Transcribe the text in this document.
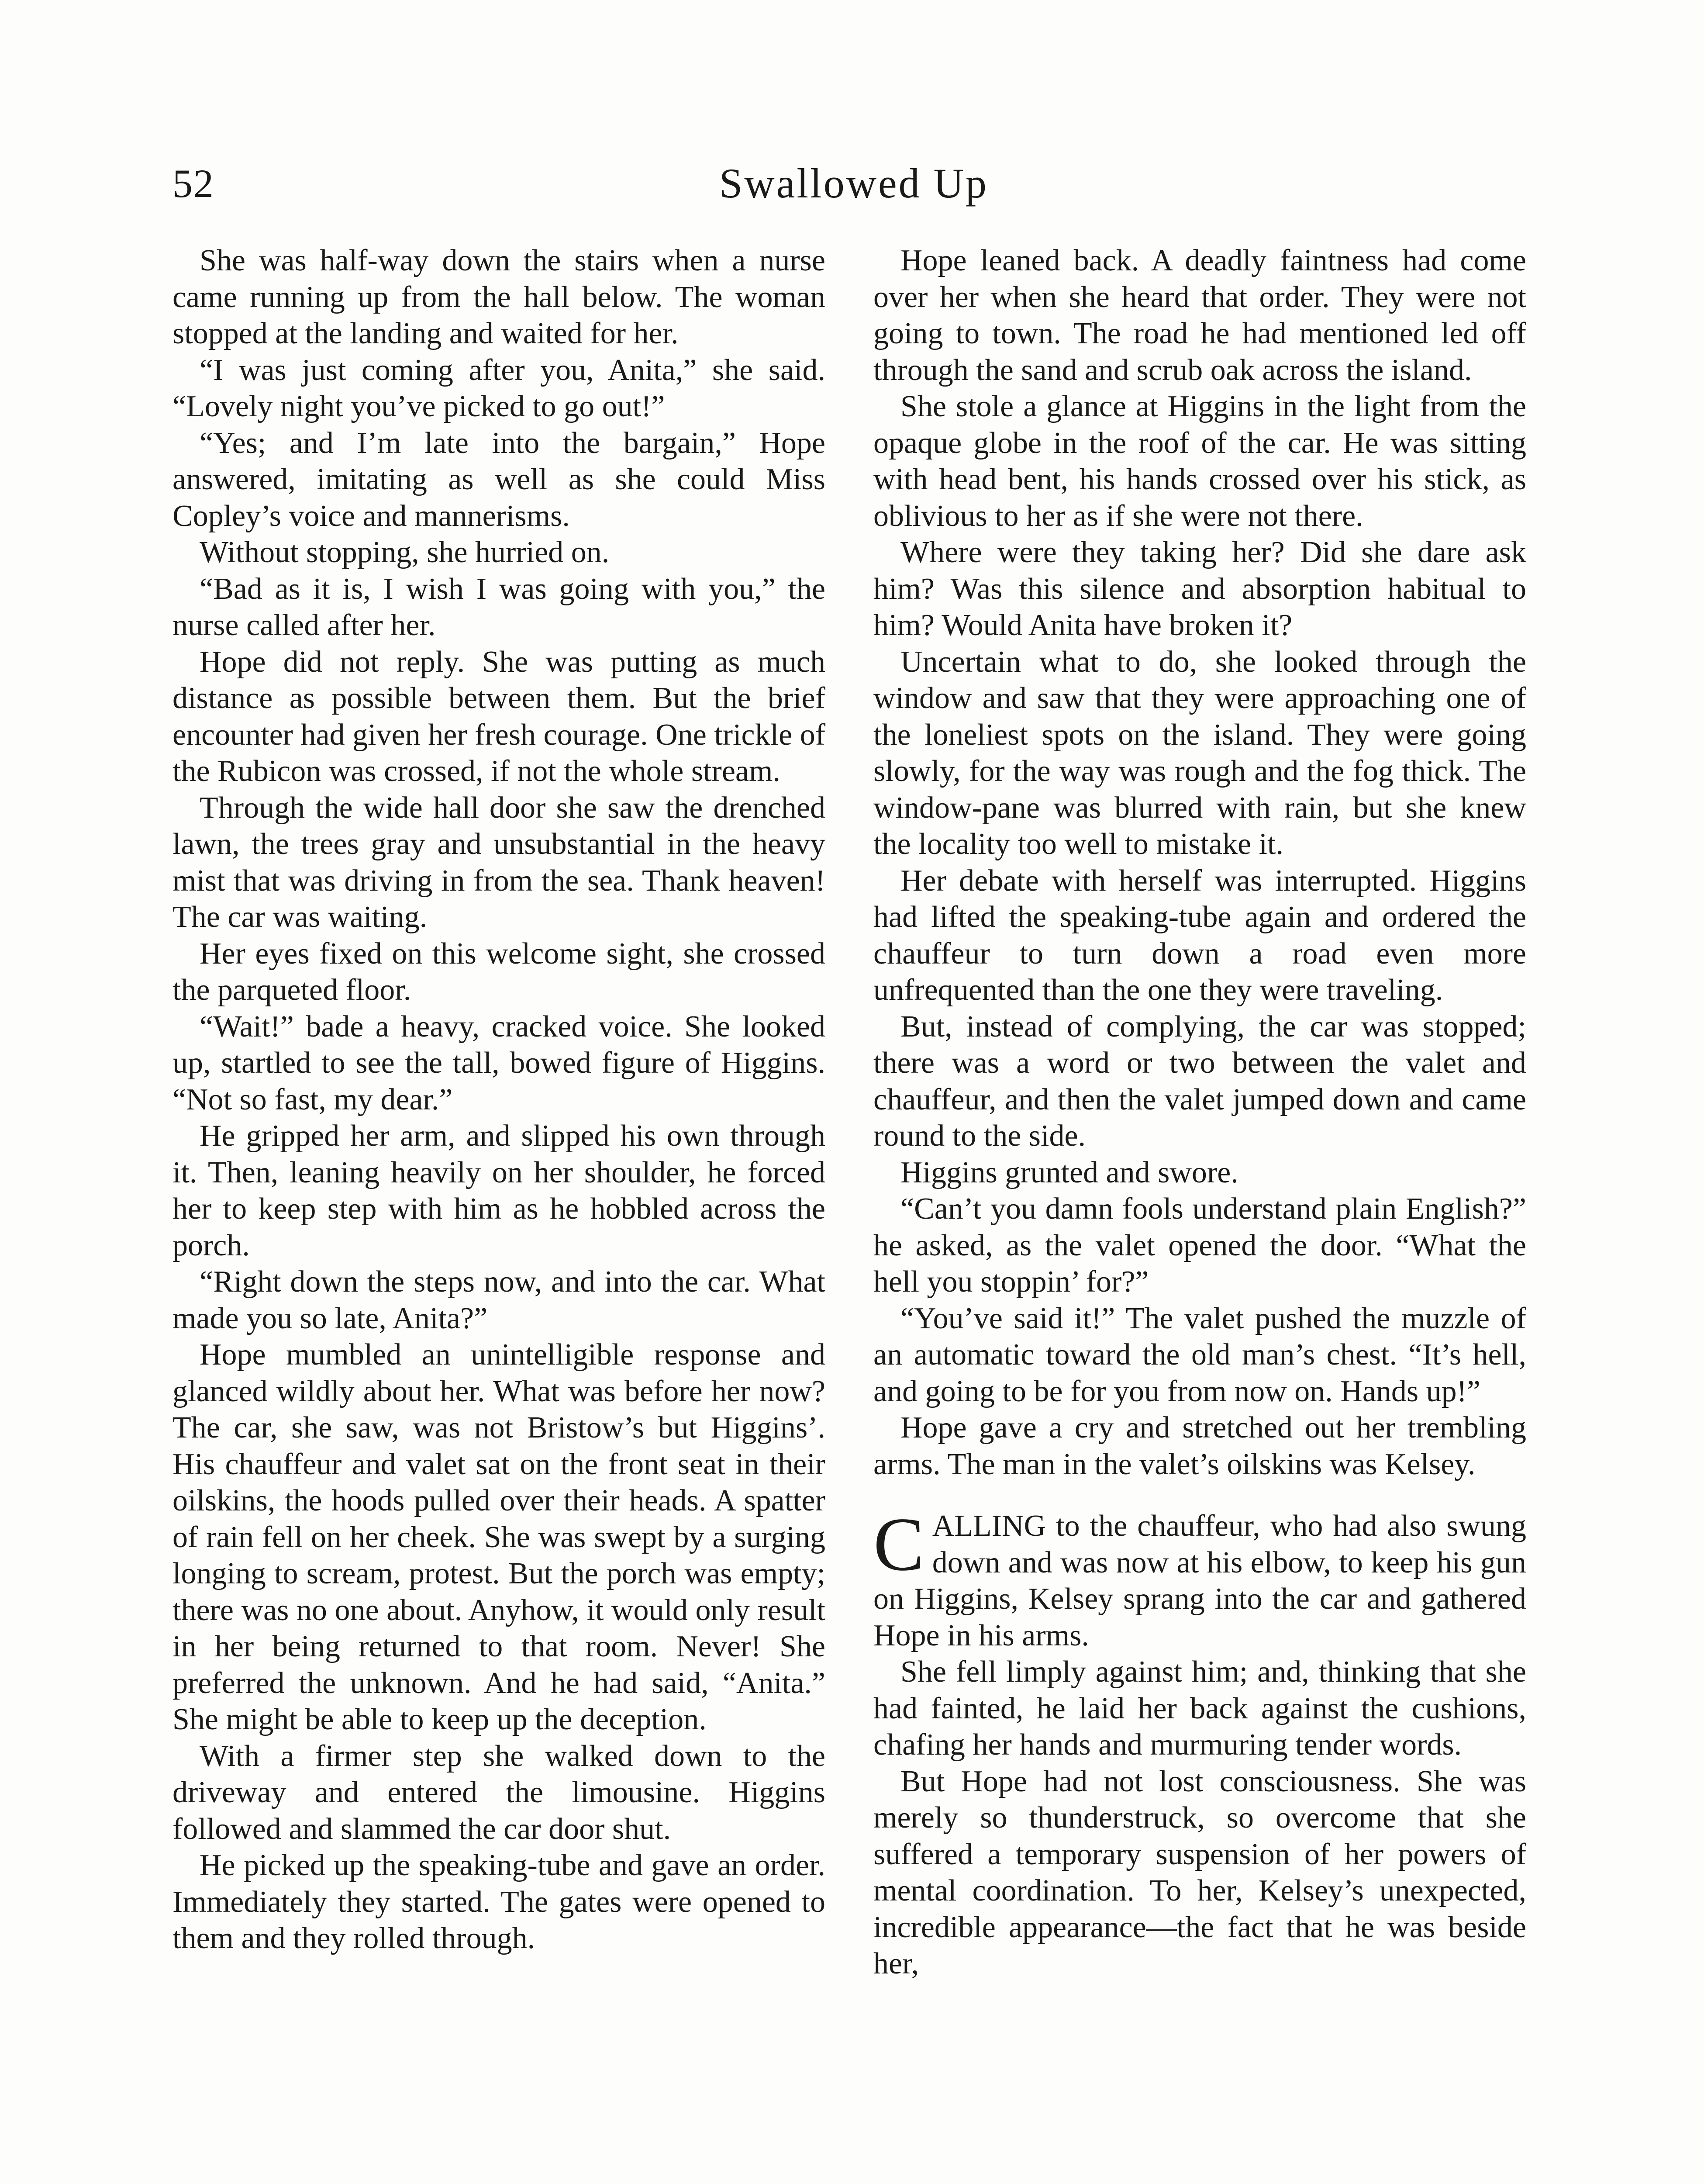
Swallowed Up
52

She was half-way down the stairs when a nurse came running up from the hall below. The woman stopped at the landing and waited for her.

“I was just coming after you, Anita,” she said. “Lovely night you’ve picked to go out!”

“Yes; and I’m late into the bargain,” Hope answered, imitating as well as she could Miss Copley’s voice and mannerisms.

Without stopping, she hurried on.

“Bad as it is, I wish I was going with you,” the nurse called after her.

Hope did not reply. She was putting as much distance as possible between them. But the brief encounter had given her fresh courage. One trickle of the Rubicon was crossed, if not the whole stream.

Through the wide hall door she saw the drenched lawn, the trees gray and unsubstantial in the heavy mist that was driving in from the sea. Thank heaven! The car was waiting.

Her eyes fixed on this welcome sight, she crossed the parqueted floor.

“Wait!” bade a heavy, cracked voice. She looked up, startled to see the tall, bowed figure of Higgins. “Not so fast, my dear.”

He gripped her arm, and slipped his own through it. Then, leaning heavily on her shoulder, he forced her to keep step with him as he hobbled across the porch.

“Right down the steps now, and into the car. What made you so late, Anita?”

Hope mumbled an unintelligible response and glanced wildly about her. What was before her now? The car, she saw, was not Bristow’s but Higgins’. His chauffeur and valet sat on the front seat in their oilskins, the hoods pulled over their heads. A spatter of rain fell on her cheek. She was swept by a surging longing to scream, protest. But the porch was empty; there was no one about. Anyhow, it would only result in her being returned to that room. Never! She preferred the unknown. And he had said, “Anita.” She might be able to keep up the deception.

With a firmer step she walked down to the driveway and entered the limousine. Higgins followed and slammed the car door shut.

He picked up the speaking-tube and gave an order. Immediately they started. The gates were opened to them and they rolled through.

Hope leaned back. A deadly faintness had come over her when she heard that order. They were not going to town. The road he had mentioned led off through the sand and scrub oak across the island.

She stole a glance at Higgins in the light from the opaque globe in the roof of the car. He was sitting with head bent, his hands crossed over his stick, as oblivious to her as if she were not there.

Where were they taking her? Did she dare ask him? Was this silence and absorption habitual to him? Would Anita have broken it?

Uncertain what to do, she looked through the window and saw that they were approaching one of the loneliest spots on the island. They were going slowly, for the way was rough and the fog thick. The window-pane was blurred with rain, but she knew the locality too well to mistake it.

Her debate with herself was interrupted. Higgins had lifted the speaking-tube again and ordered the chauffeur to turn down a road even more unfrequented than the one they were traveling.

But, instead of complying, the car was stopped; there was a word or two between the valet and chauffeur, and then the valet jumped down and came round to the side.

Higgins grunted and swore.

“Can’t you damn fools understand plain English?” he asked, as the valet opened the door. “What the hell you stoppin’ for?”

“You’ve said it!” The valet pushed the muzzle of an automatic toward the old man’s chest. “It’s hell, and going to be for you from now on. Hands up!”

Hope gave a cry and stretched out her trembling arms. The man in the valet’s oilskins was Kelsey.

CALLING to the chauffeur, who had also swung down and was now at his elbow, to keep his gun on Higgins, Kelsey sprang into the car and gathered Hope in his arms.

She fell limply against him; and, thinking that she had fainted, he laid her back against the cushions, chafing her hands and murmuring tender words.

But Hope had not lost consciousness. She was merely so thunderstruck, so overcome that she suffered a temporary suspension of her powers of mental coordination. To her, Kelsey’s unexpected, incredible appearance—the fact that he was beside her,
